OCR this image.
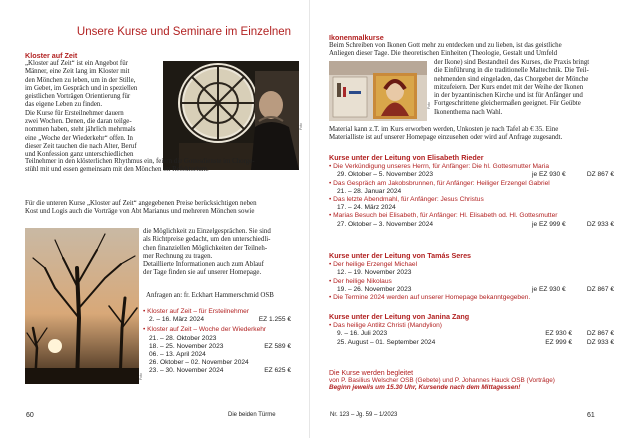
Unsere Kurse und Seminare im Einzelnen
Kloster auf Zeit
„Kloster auf Zeit“ ist ein Angebot für
Männer, eine Zeit lang im Kloster mit
den Mönchen zu leben, um in der Stille,
im Gebet, im Gespräch und in speziellen
geistlichen Vorträgen Orientierung für
das eigene Leben zu finden.
Die Kurse für Ersteilnehmer dauern
zwei Wochen. Denen, die daran teilge-
nommen haben, steht jährlich mehrmals
eine „Woche der Wiederkehr“ offen. In
dieser Zeit tauchen die nach Alter, Beruf
und Konfession ganz unterschiedlichen
Foto
Teilnehmer in den klösterlichen Rhythmus ein, feiern die Gottesdienste im Chorge-
stühl mit und essen gemeinsam mit den Mönchen im Refektorium.
Für die unteren Kurse „Kloster auf Zeit“ angegebenen Preise berücksichtigen neben
Kost und Logis auch die Vorträge von Abt Marianus und mehreren Mönchen sowie
Foto
die Möglichkeit zu Einzelgesprächen. Sie sind
als Richtpreise gedacht, um den unterschiedli-
chen finanziellen Möglichkeiten der Teilneh-
mer Rechnung zu tragen.
Detaillierte Informationen auch zum Ablauf
der Tage finden sie auf unserer Homepage.
Anfragen an: fr. Eckhart Hammerschmid OSB
• Kloster auf Zeit – für Ersteilnehmer
2. – 16. März 2024	EZ 1.255 €
• Kloster auf Zeit – Woche der Wiederkehr
21. – 28. Oktober 2023
18. – 25. November 2023	EZ 589 €
06. – 13. April 2024
26. Oktober – 02. November 2024
23. – 30. November 2024	EZ 625 €
60	Die beiden Türme
Ikonenmalkurse
Beim Schreiben von Ikonen Gott mehr zu entdecken und zu lieben, ist das geistliche
Anliegen dieser Tage. Die theoretischen Einheiten (Theologie, Gestalt und Umfeld
Foto
der Ikone) sind Bestandteil des Kurses, die Praxis bringt
die Einführung in die traditionelle Maltechnik. Die Teil-
nehmenden sind eingeladen, das Chorgebet der Mönche
mitzufeiern. Der Kurs endet mit der Weihe der Ikonen
in der byzantinischen Kirche und ist für Anfänger und
Fortgeschrittene gleichermaßen geeignet. Für Geübte
Ikonenthema nach Wahl.
Material kann z.T. im Kurs erworben werden, Unkosten je nach Tafel ab € 35. Eine
Materialliste ist auf unserer Homepage einzusehen oder wird auf Anfrage zugesandt.
Kurse unter der Leitung von Elisabeth Rieder
• Die Verkündigung unseres Herrn, für Anfänger: Die hl. Gottesmutter Maria
29. Oktober – 5. November 2023	je EZ 930 €	DZ 867 €
• Das Gespräch am Jakobsbrunnen, für Anfänger: Heiliger Erzengel Gabriel
21. – 28. Januar 2024
• Das letzte Abendmahl, für Anfänger: Jesus Christus
17. – 24. März 2024
• Marias Besuch bei Elisabeth, für Anfänger: Hl. Elisabeth od. Hl. Gottesmutter
27. Oktober – 3. November 2024	je EZ 999 €	DZ 933 €
Kurse unter der Leitung von Tamás Seres
• Der heilige Erzengel Michael
12. – 19. November 2023
• Der heilige Nikolaus
19. – 26. November 2023	je EZ 930 €	DZ 867 €
• Die Termine 2024 werden auf unserer Homepage bekanntgegeben.
Kurse unter der Leitung von Janina Zang
• Das heilige Antlitz Christi (Mandylion)
9. – 16. Juli 2023	EZ 930 €	DZ 867 €
25. August – 01. September 2024	EZ 999 €	DZ 933 €
Die Kurse werden begleitet
von P. Basilius Welscher OSB (Gebete) und P. Johannes Hauck OSB (Vorträge)
Beginn jeweils um 15.30 Uhr, Kursende nach dem Mittagessen!
Nr. 123 – Jg. 59 – 1/2023	61
